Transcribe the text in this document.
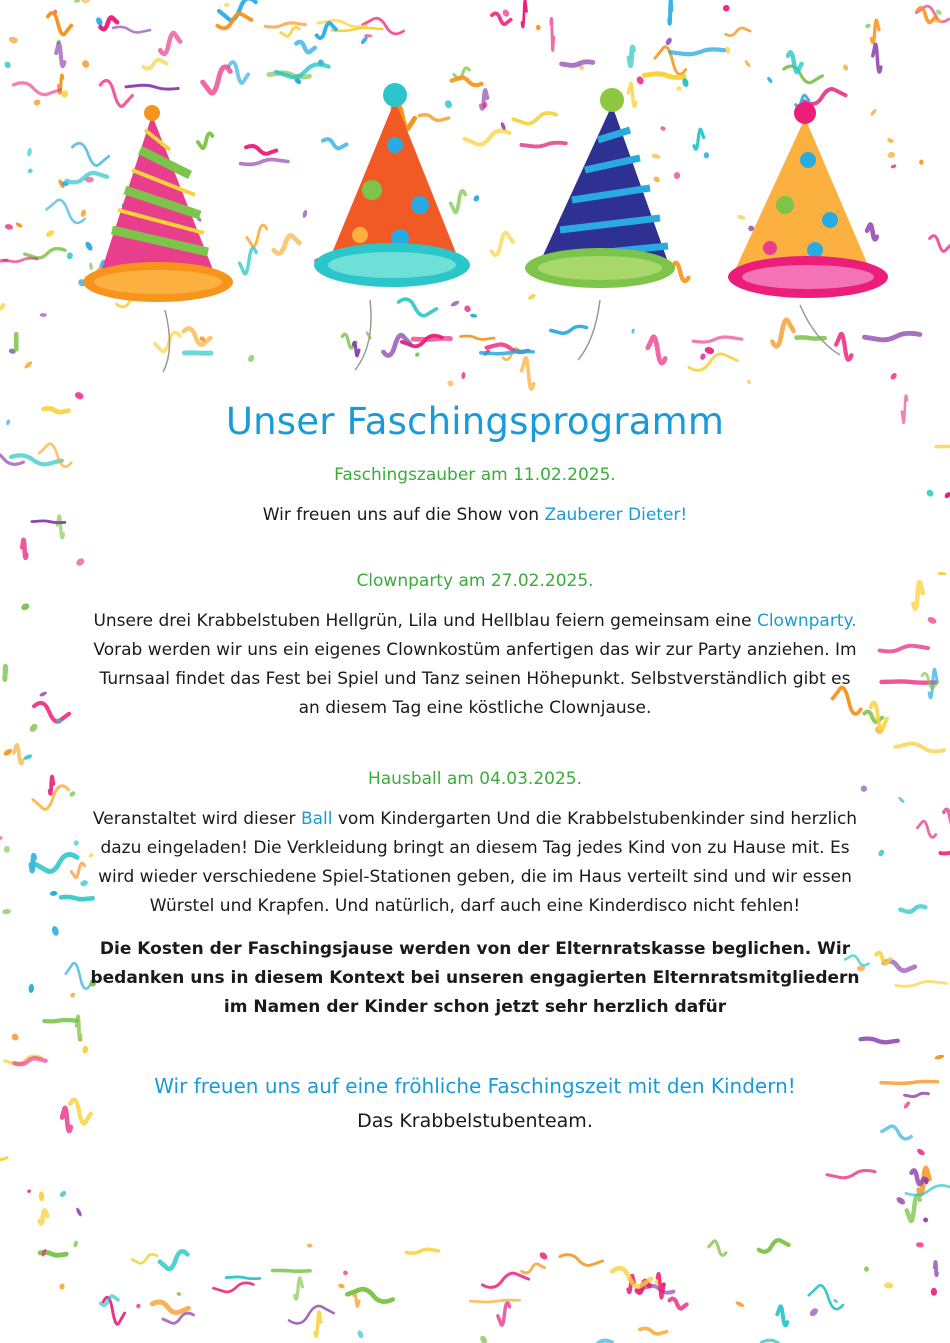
Unser Faschingsprogramm

Faschingszauber am 11.02.2025.

Wir freuen uns auf die Show von Zauberer Dieter!

Clownparty am 27.02.2025.

Unsere drei Krabbelstuben Hellgrün, Lila und Hellblau feiern gemeinsam eine Clownparty. Vorab werden wir uns ein eigenes Clownkostüm anfertigen das wir zur Party anziehen. Im Turnsaal findet das Fest bei Spiel und Tanz seinen Höhepunkt. Selbstverständlich gibt es an diesem Tag eine köstliche Clownjause.

Hausball am 04.03.2025.

Veranstaltet wird dieser Ball vom Kindergarten Und die Krabbelstubenkinder sind herzlich dazu eingeladen! Die Verkleidung bringt an diesem Tag jedes Kind von zu Hause mit. Es wird wieder verschiedene Spiel-Stationen geben, die im Haus verteilt sind und wir essen Würstel und Krapfen. Und natürlich, darf auch eine Kinderdisco nicht fehlen!

Die Kosten der Faschingsjause werden von der Elternratskasse beglichen. Wir bedanken uns in diesem Kontext bei unseren engagierten Elternratsmitgliedern im Namen der Kinder schon jetzt sehr herzlich dafür

Wir freuen uns auf eine fröhliche Faschingszeit mit den Kindern!

Das Krabbelstubenteam.
